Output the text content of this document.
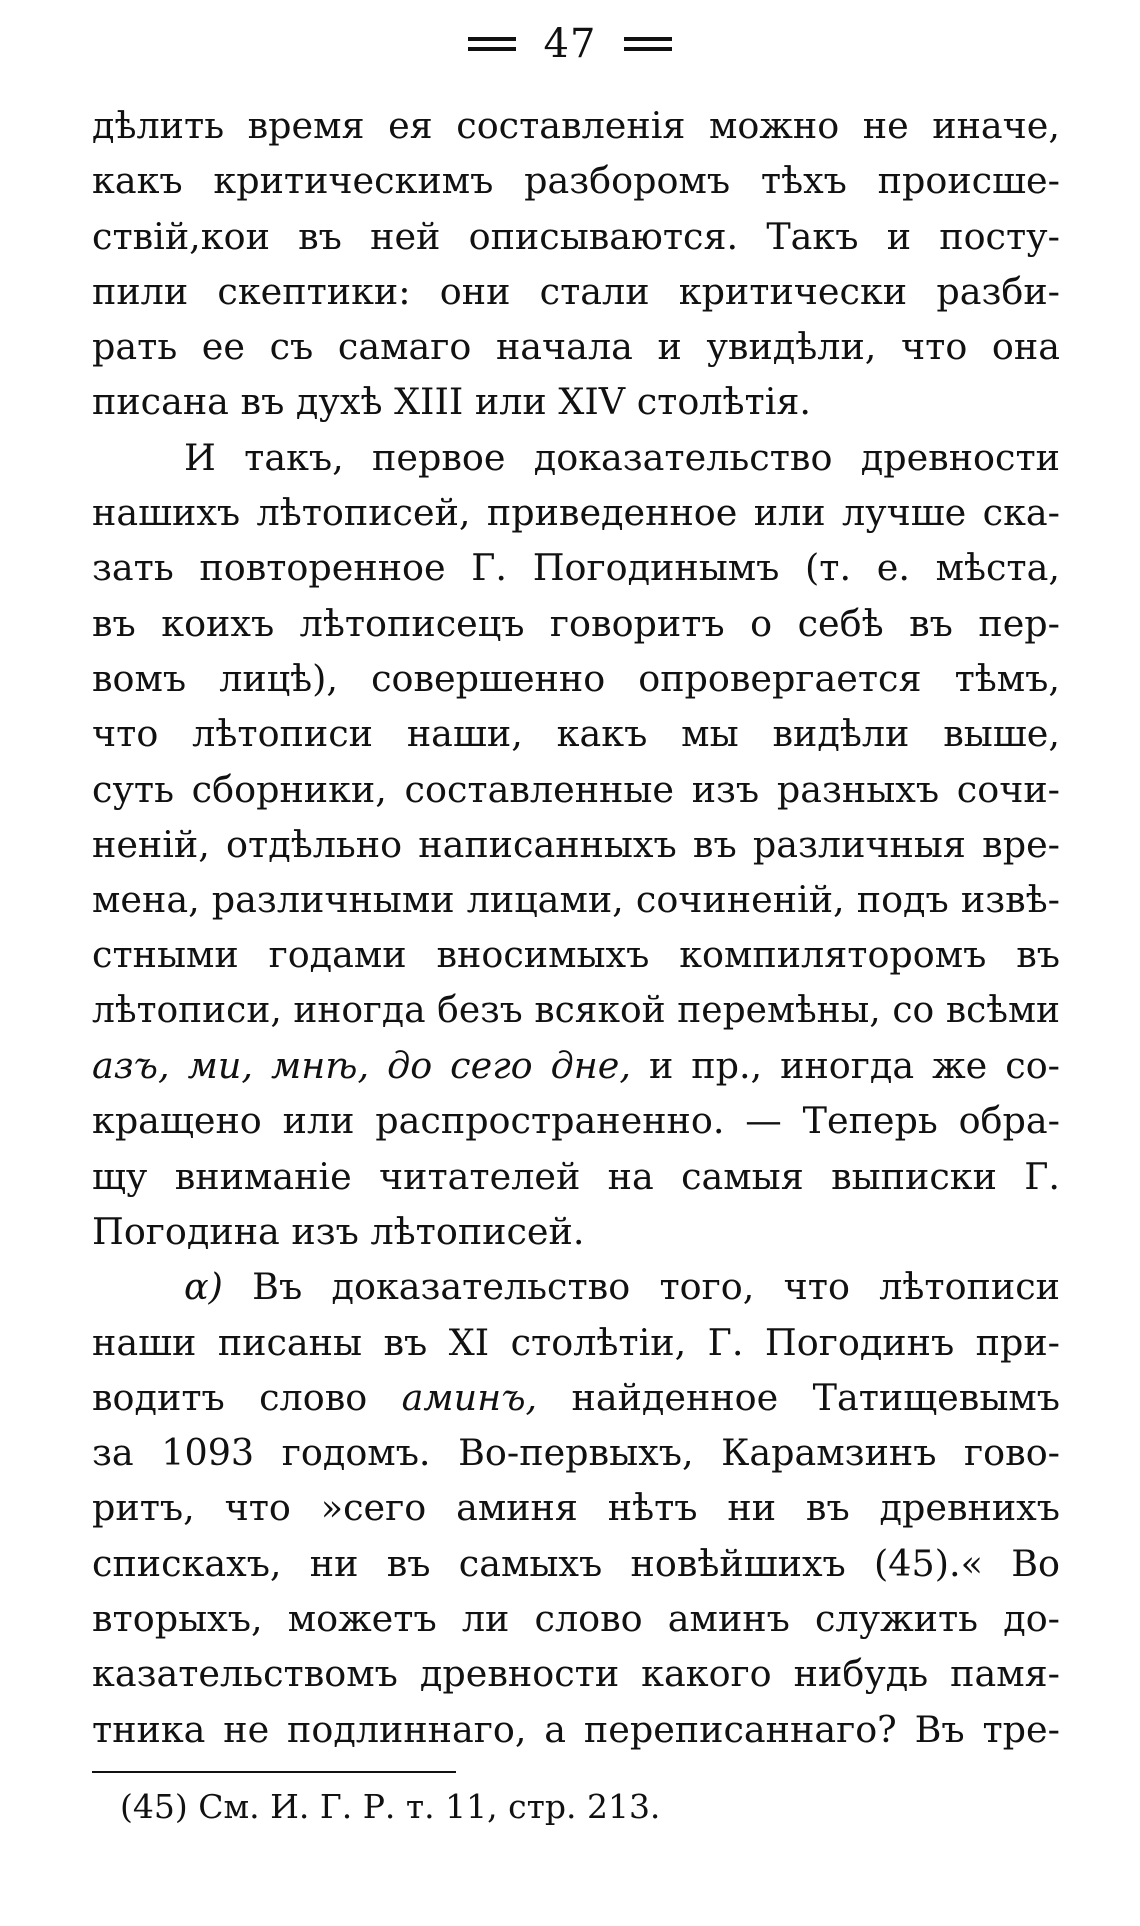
47
дѣлить время ея составленія можно не иначе,
какъ критическимъ разборомъ тѣхъ происше-
ствій,кои въ ней описываются. Такъ и посту-
пили скептики: они стали критически разби-
рать ее съ самаго начала и увидѣли, что она
писана въ духѣ XIII или XIV столѣтія.
И такъ, первое доказательство древности
нашихъ лѣтописей, приведенное или лучше ска-
зать повторенное Г. Погодинымъ (т. е. мѣста,
въ коихъ лѣтописецъ говоритъ о себѣ въ пер-
вомъ лицѣ), совершенно опровергается тѣмъ,
что лѣтописи наши, какъ мы видѣли выше,
суть сборники, составленные изъ разныхъ сочи-
неній, отдѣльно написанныхъ въ различныя вре-
мена, различными лицами, сочиненій, подъ извѣ-
стными годами вносимыхъ компиляторомъ въ
лѣтописи, иногда безъ всякой перемѣны, со всѣми
азъ, ми, мнѣ, до сего дне, и пр., иногда же со-
кращено или распространенно. — Теперь обра-
щу вниманіе читателей на самыя выписки Г.
Погодина изъ лѣтописей.
α) Въ доказательство того, что лѣтописи
наши писаны въ XI столѣтіи, Г. Погодинъ при-
водитъ слово аминъ, найденное Татищевымъ
за 1093 годомъ. Во-первыхъ, Карамзинъ гово-
ритъ, что »сего аминя нѣтъ ни въ древнихъ
спискахъ, ни въ самыхъ новѣйшихъ (45).« Во
вторыхъ, можетъ ли слово аминъ служить до-
казательствомъ древности какого нибудь памя-
тника не подлиннаго, а переписаннаго? Въ тре-
(45) См. И. Г. Р. т. 11, стр. 213.
